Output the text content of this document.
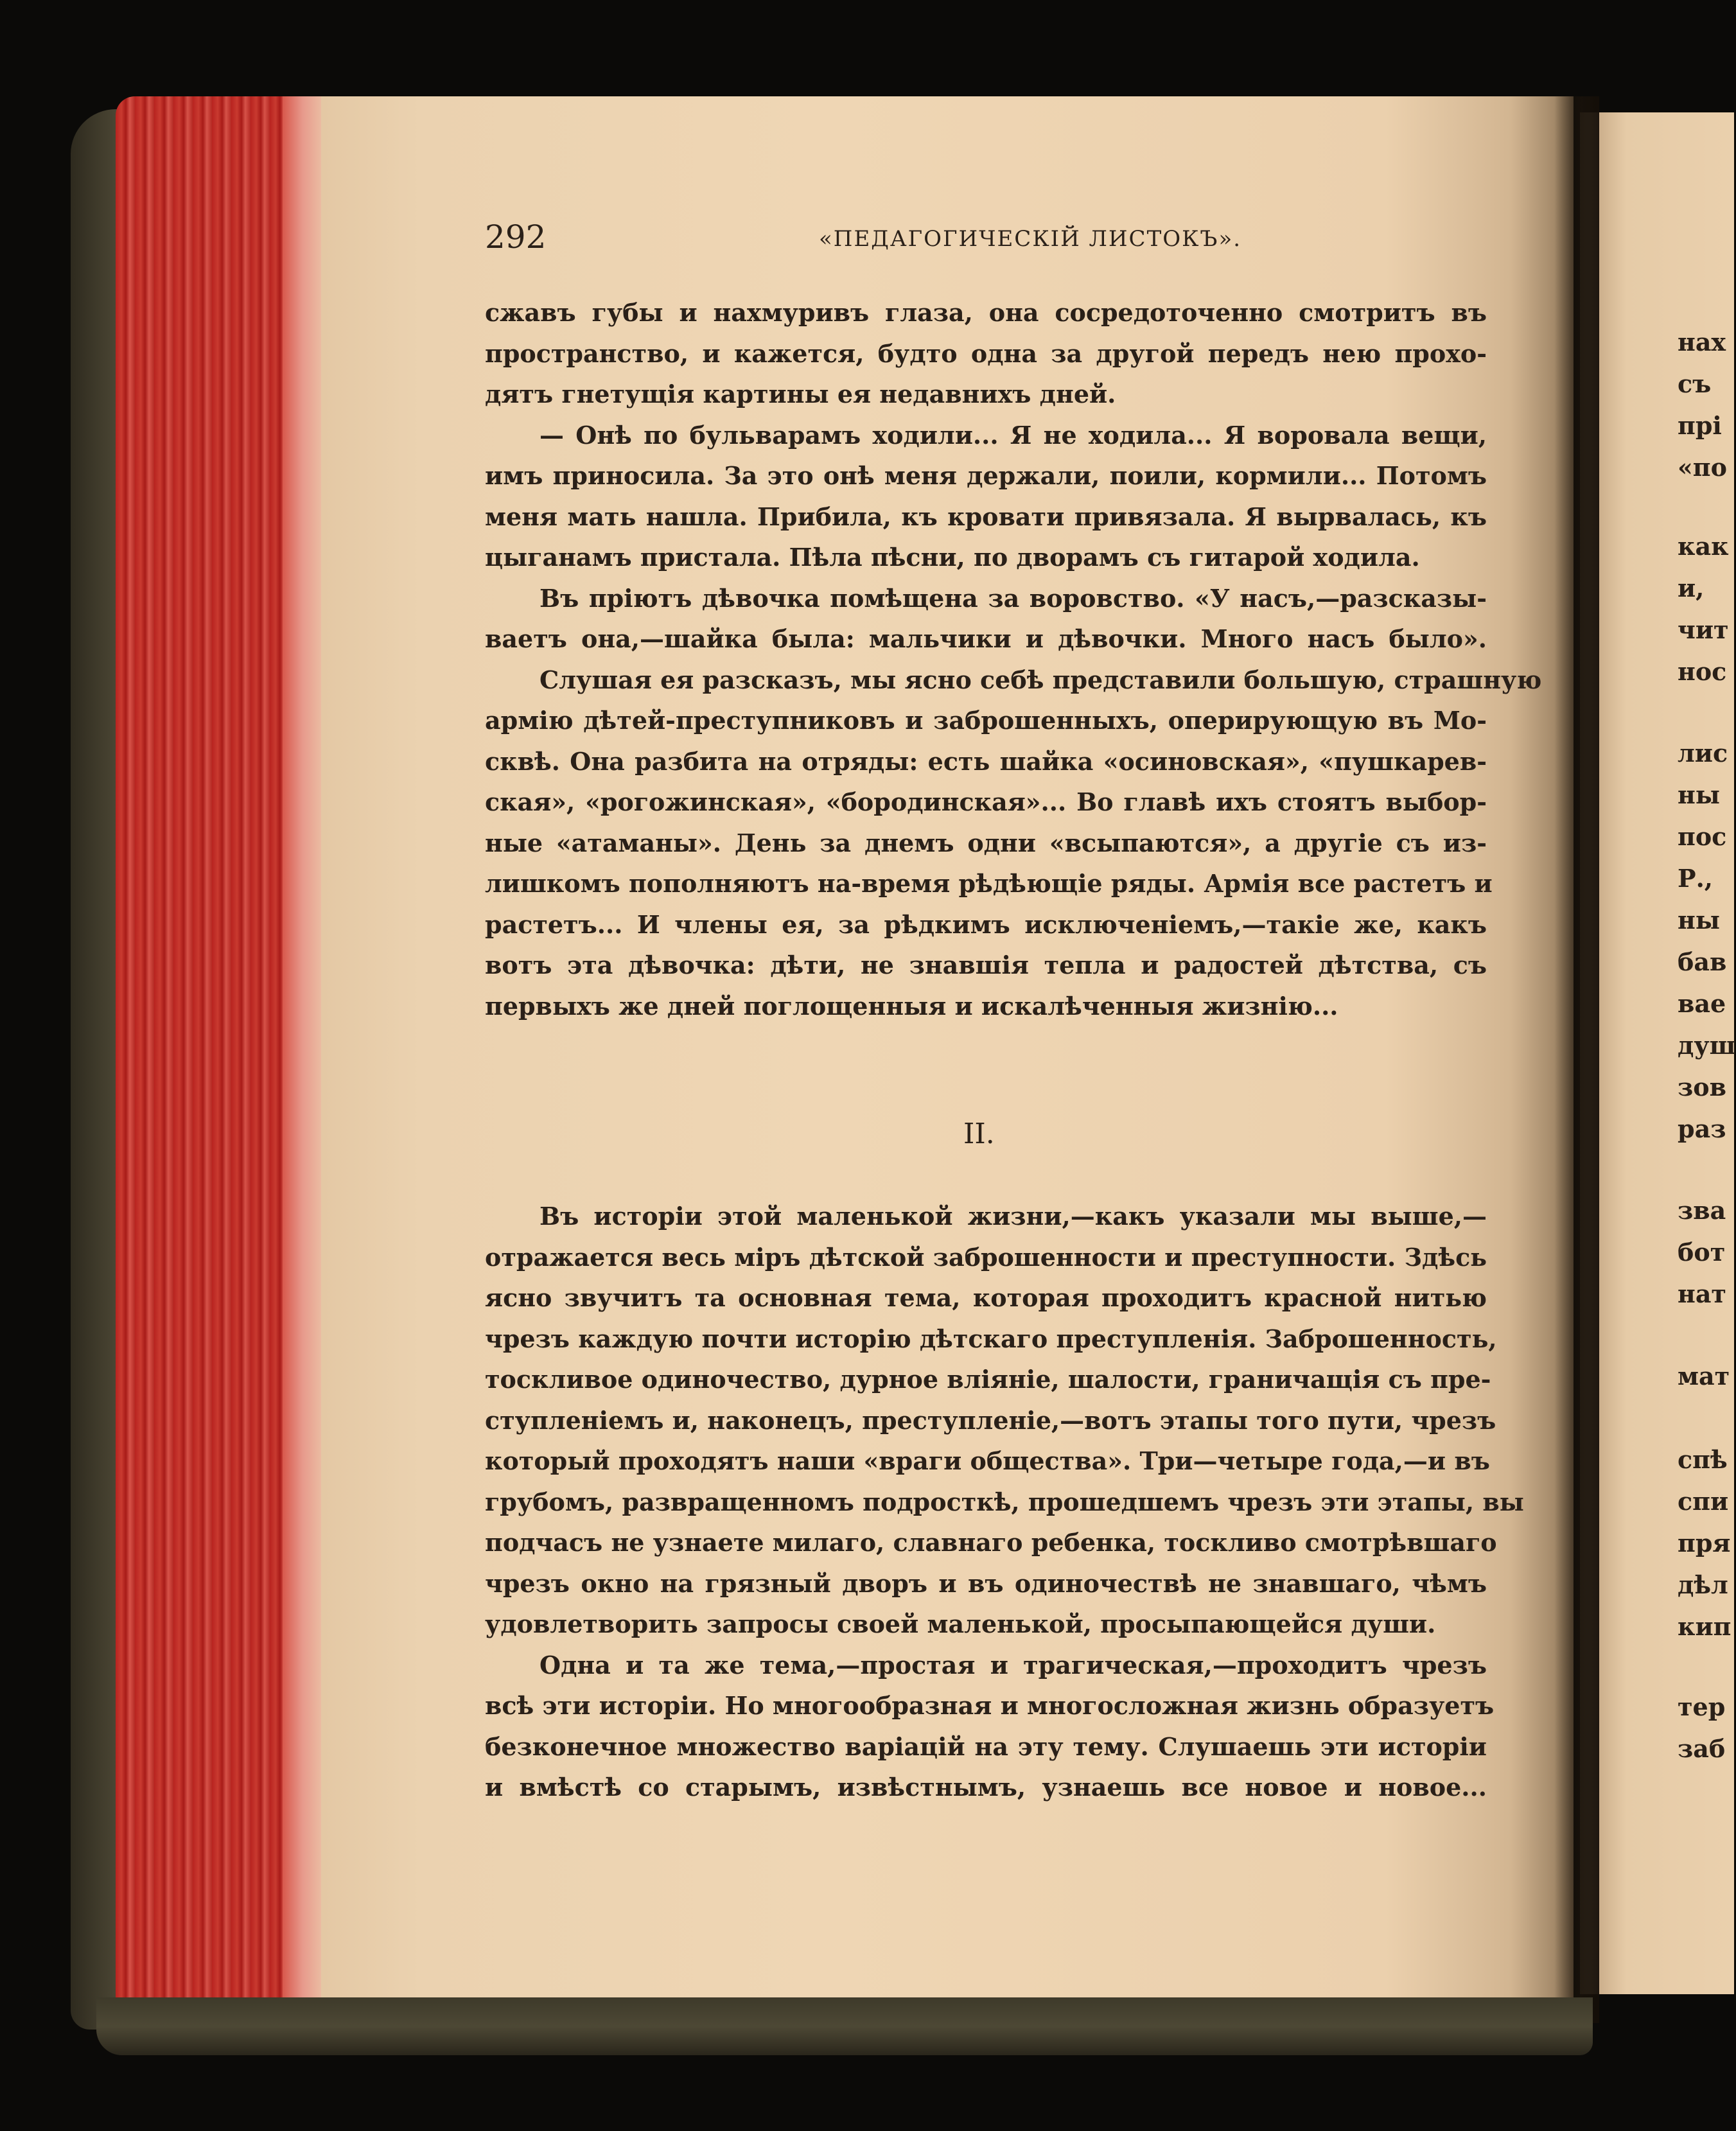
292	«ПЕДАГОГИЧЕСКІЙ ЛИСТОКЪ».
сжавъ губы и нахмуривъ глаза, она сосредоточенно смотритъ въ
пространство, и кажется, будто одна за другой передъ нею прохо-
дятъ гнетущія картины ея недавнихъ дней.
— Онѣ по бульварамъ ходили... Я не ходила... Я воровала вещи,
имъ приносила. За это онѣ меня держали, поили, кормили... Потомъ
меня мать нашла. Прибила, къ кровати привязала. Я вырвалась, къ
цыганамъ пристала. Пѣла пѣсни, по дворамъ съ гитарой ходила.
Въ пріютъ дѣвочка помѣщена за воровство. «У насъ,—разсказы-
ваетъ она,—шайка была: мальчики и дѣвочки. Много насъ было».
Слушая ея разсказъ, мы ясно себѣ представили большую, страшную
армію дѣтей-преступниковъ и заброшенныхъ, оперирующую въ Мо-
сквѣ. Она разбита на отряды: есть шайка «осиновская», «пушкарев-
ская», «рогожинская», «бородинская»... Во главѣ ихъ стоятъ выбор-
ные «атаманы». День за днемъ одни «всыпаются», а другіе съ из-
лишкомъ пополняютъ на-время рѣдѣющіе ряды. Армія все растетъ и
растетъ... И члены ея, за рѣдкимъ исключеніемъ,—такіе же, какъ
вотъ эта дѣвочка: дѣти, не знавшія тепла и радостей дѣтства, съ
первыхъ же дней поглощенныя и искалѣченныя жизнію...
II.
Въ исторіи этой маленькой жизни,—какъ указали мы выше,—
отражается весь міръ дѣтской заброшенности и преступности. Здѣсь
ясно звучитъ та основная тема, которая проходитъ красной нитью
чрезъ каждую почти исторію дѣтскаго преступленія. Заброшенность,
тоскливое одиночество, дурное вліяніе, шалости, граничащія съ пре-
ступленіемъ и, наконецъ, преступленіе,—вотъ этапы того пути, чрезъ
который проходятъ наши «враги общества». Три—четыре года,—и въ
грубомъ, развращенномъ подросткѣ, прошедшемъ чрезъ эти этапы, вы
подчасъ не узнаете милаго, славнаго ребенка, тоскливо смотрѣвшаго
чрезъ окно на грязный дворъ и въ одиночествѣ не знавшаго, чѣмъ
удовлетворить запросы своей маленькой, просыпающейся души.
Одна и та же тема,—простая и трагическая,—проходитъ чрезъ
всѣ эти исторіи. Но многообразная и многосложная жизнь образуетъ
безконечное множество варіацій на эту тему. Слушаешь эти исторіи
и вмѣстѣ со старымъ, извѣстнымъ, узнаешь все новое и новое...
нах
съ
прі
«по
как
и,
чит
нос
лис
ны
пос
Р.,
ны
бав
вае
душ
зов
раз
зва
бот
нат
мат
спѣ
спи
пря
дѣл
кип
тер
заб
